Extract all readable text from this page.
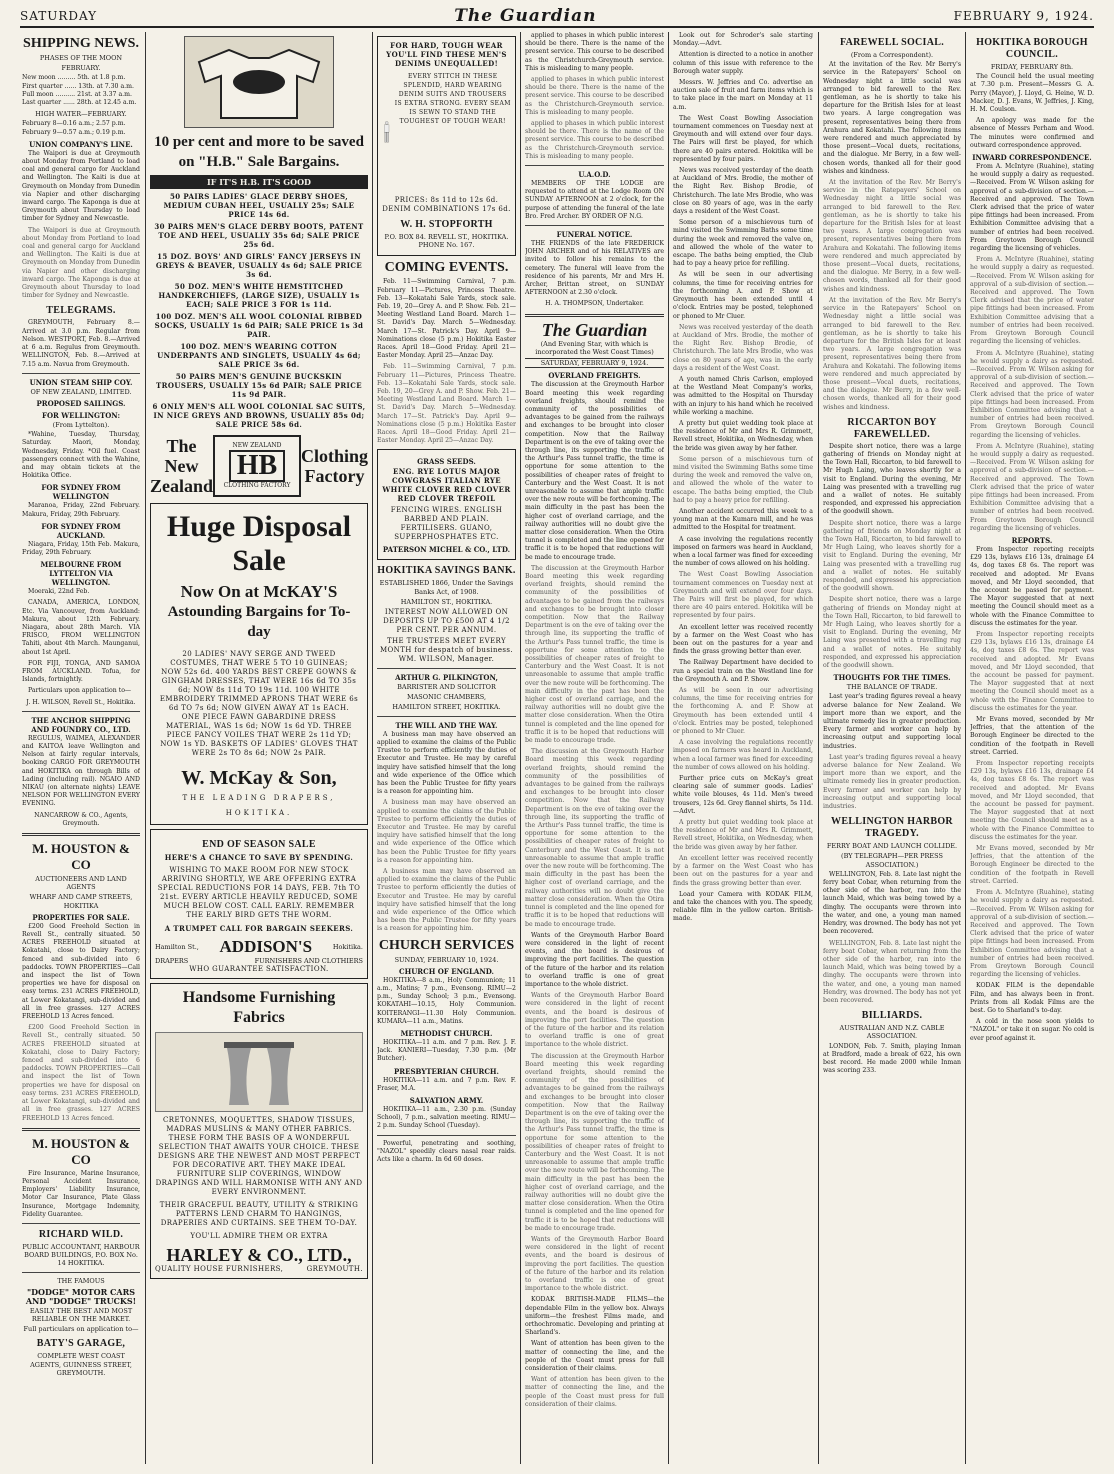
SATURDAY	The Guardian	FEBRUARY 9, 1924.
SHIPPING NEWS.
PHASES OF THE MOON
FEBRUARY.
New moon ......... 5th. at 1.8 p.m.
First quarter ...... 13th. at 7.30 a.m.
Full moon .......... 21st. at 3.37 a.m.
Last quarter ...... 28th. at 12.45 a.m.
HIGH WATER—FEBRUARY.
February 8—0.16 a.m.; 2.57 p.m.
February 9—0.57 a.m.; 0.19 p.m.
UNION COMPANY'S LINE.
The Waipori is due at Greymouth about Monday from Portland to load coal and general cargo for Auckland and Wellington. The Kaiti is due at Greymouth on Monday from Dunedin via Napier and other discharging inward cargo. The Kaponga is due at Greymouth about Thursday to load timber for Sydney and Newcastle.
The Waipori is due at Greymouth about Monday from Portland to load coal and general cargo for Auckland and Wellington. The Kaiti is due at Greymouth on Monday from Dunedin via Napier and other discharging inward cargo. The Kaponga is due at Greymouth about Thursday to load timber for Sydney and Newcastle.
TELEGRAMS.
GREYMOUTH, February 8.—Arrived at 3.0 p.m. Regular from Nelson. WESTPORT, Feb. 8.—Arrived at 6 a.m. Regulus from Greymouth. WELLINGTON, Feb. 8.—Arrived at 7.15 a.m. Navua from Greymouth.
UNION STEAM SHIP COY.
OF NEW ZEALAND, LIMITED.
PROPOSED SAILINGS.
FOR WELLINGTON:
(From Lyttelton).
*Wahine, Tuesday, Thursday, Saturday. Maori, Monday, Wednesday, Friday. *Oil fuel. Coast passengers connect with the Wahine, and may obtain tickets at the Hokitika Office.
FOR SYDNEY FROM WELLINGTON
Maranoa, Friday, 22nd February. Makura, Friday, 29th February.
FOR SYDNEY FROM AUCKLAND.
Niagara, Friday, 15th Feb. Makura, Friday, 29th February.
MELBOURNE FROM LYTTELTON VIA WELLINGTON.
Moeraki, 22nd Feb.
CANADA, AMERICA, LONDON, Etc. Via Vancouver, from Auckland: Makura, about 12th February. Niagara, about 28th March. VIA FRISCO, FROM WELLINGTON Tahiti, about 4th March. Maunganui, about 1st April.
FOR FIJI, TONGA, AND SAMOA FROM AUCKLAND. Tofua, for Islands, fortnightly.
Particulars upon application to—
J. H. WILSON, Revell St., Hokitika.
THE ANCHOR SHIPPING AND FOUNDRY CO., LTD.
REGULUS, WAIMEA, ALEXANDER and KAITOA leave Wellington and Nelson at fairly regular intervals, booking CARGO FOR GREYMOUTH and HOKITIKA on through Bills of Lading (including rail). NGAIO AND NIKAU (on alternate nights) LEAVE NELSON FOR WELLINGTON EVERY EVENING.
NANCARROW & CO., Agents, Greymouth.
M. HOUSTON & CO
AUCTIONEERS AND LAND AGENTS
WHARF AND CAMP STREETS, HOKITIKA
PROPERTIES FOR SALE.
£200 Good Freehold Section in Revell St., centrally situated. 50 ACRES FREEHOLD situated at Kokatahi, close to Dairy Factory; fenced and sub-divided into 6 paddocks. TOWN PROPERTIES—Call and inspect the list of Town properties we have for disposal on easy terms. 231 ACRES FREEHOLD, at Lower Kokatangi, sub-divided and all in free grasses. 127 ACRES FREEHOLD 13 Acres fenced.
£200 Good Freehold Section in Revell St., centrally situated. 50 ACRES FREEHOLD situated at Kokatahi, close to Dairy Factory; fenced and sub-divided into 6 paddocks. TOWN PROPERTIES—Call and inspect the list of Town properties we have for disposal on easy terms. 231 ACRES FREEHOLD, at Lower Kokatangi, sub-divided and all in free grasses. 127 ACRES FREEHOLD 13 Acres fenced.
M. HOUSTON & CO
Fire Insurance, Marine Insurance, Personal Accident Insurance, Employers' Liability Insurance, Motor Car Insurance, Plate Glass Insurance, Mortgage Indemnity, Fidelity Guarantee.
RICHARD WILD.
PUBLIC ACCOUNTANT, HARBOUR BOARD BUILDINGS, P.O. BOX No. 14 HOKITIKA.
THE FAMOUS
"DODGE" MOTOR CARS AND "DODGE" TRUCKS!
EASILY THE BEST AND MOST RELIABLE ON THE MARKET.
Full particulars on application to—
BATY'S GARAGE,
COMPLETE WEST COAST AGENTS, GUINNESS STREET, GREYMOUTH.
10 per cent and more to be saved on "H.B." Sale Bargains.
IF IT'S H.B. IT'S GOOD
50 PAIRS LADIES' GLACE DERBY SHOES, MEDIUM CUBAN HEEL, USUALLY 25s; SALE PRICE 14s 6d.
30 PAIRS MEN'S GLACE DERBY BOOTS, PATENT TOE AND HEEL, USUALLY 35s 6d; SALE PRICE 25s 6d.
15 DOZ. BOYS' AND GIRLS' FANCY JERSEYS IN GREYS & BEAVER, USUALLY 4s 6d; SALE PRICE 3s 6d.
50 DOZ. MEN'S WHITE HEMSTITCHED HANDKERCHIEFS, (LARGE SIZE), USUALLY 1s EACH; SALE PRICE 3 FOR 1s 11d.
100 DOZ. MEN'S ALL WOOL COLONIAL RIBBED SOCKS, USUALLY 1s 6d PAIR; SALE PRICE 1s 3d PAIR.
100 DOZ. MEN'S WEARING COTTON UNDERPANTS AND SINGLETS, USUALLY 4s 6d; SALE PRICE 3s 6d.
50 PAIRS MEN'S GENUINE BUCKSKIN TROUSERS, USUALLY 15s 6d PAIR; SALE PRICE 11s 9d PAIR.
6 ONLY MEN'S ALL WOOL COLONIAL SAC SUITS, IN NICE GREYS AND BROWNS, USUALLY 85s 0d; SALE PRICE 58s 6d.
The New
Zealand
NEW ZEALAND
HB
CLOTHING FACTORY
Clothing
Factory
Huge Disposal
Sale
Now On at McKAY'S
Astounding Bargains for To-day
20 LADIES' NAVY SERGE AND TWEED COSTUMES, THAT WERE 5 TO 10 GUINEAS; NOW 52s 6d. 400 YARDS BEST CREPE GOWNS & GINGHAM DRESSES, THAT WERE 16s 6d TO 35s 6d; NOW 8s 11d TO 19s 11d. 100 WHITE EMBROIDERY TRIMMED APRONS THAT WERE 6s 6d TO 7s 6d; NOW GIVEN AWAY AT 1s EACH. ONE PIECE FAWN GABARDINE DRESS MATERIAL, WAS 1s 6d; NOW 1s 6d YD. THREE PIECE FANCY VOILES THAT WERE 2s 11d YD; NOW 1s YD. BASKETS OF LADIES' GLOVES THAT WERE 2s TO 8s 6d; NOW 2s PAIR.
W. McKay & Son,
THE LEADING DRAPERS,
HOKITIKA.
END OF SEASON SALE
HERE'S A CHANCE TO SAVE BY SPENDING.
WISHING TO MAKE ROOM FOR NEW STOCK ARRIVING SHORTLY, WE ARE OFFERING EXTRA SPECIAL REDUCTIONS FOR 14 DAYS, FEB. 7th TO 21st. EVERY ARTICLE HEAVILY REDUCED, SOME MUCH BELOW COST. CALL EARLY. REMEMBER THE EARLY BIRD GETS THE WORM.
A TRUMPET CALL FOR BARGAIN SEEKERS.
Hamilton St., ADDISON'S	Hokitika.
DRAPERS	FURNISHERS AND CLOTHIERS
WHO GUARANTEE SATISFACTION.
Handsome Furnishing Fabrics
CRETONNES, MOQUETTES, SHADOW TISSUES, MADRAS MUSLINS & MANY OTHER FABRICS. THESE FORM THE BASIS OF A WONDERFUL SELECTION THAT AWAITS YOUR CHOICE. THESE DESIGNS ARE THE NEWEST AND MOST PERFECT FOR DECORATIVE ART. THEY MAKE IDEAL FURNITURE SLIP COVERINGS, WINDOW DRAPINGS AND WILL HARMONISE WITH ANY AND EVERY ENVIRONMENT.
THEIR GRACEFUL BEAUTY, UTILITY & STRIKING PATTERNS LEND CHARM TO HANGINGS, DRAPERIES AND CURTAINS. SEE THEM TO-DAY.
YOU'LL ADMIRE THEM OR EXTRA
HARLEY & CO., LTD.,
QUALITY HOUSE FURNISHERS,	GREYMOUTH.
FOR HARD, TOUGH WEAR YOU'LL FIND THESE MEN'S DENIMS UNEQUALLED!
EVERY STITCH IN THESE SPLENDID, HARD WEARING DENIM SUITS AND TROUSERS IS EXTRA STRONG. EVERY SEAM IS SEWN TO STAND THE TOUGHEST OF TOUGH WEAR!
PRICES: 8s 11d to 12s 6d. DENIM COMBINATIONS 17s 6d.
W. H. STOPFORTH
P.O. BOX 84. REVELL ST., HOKITIKA. PHONE No. 167.
COMING EVENTS.
Feb. 11—Swimming Carnival, 7 p.m. February 11—Pictures, Princess Theatre. Feb. 13—Kokatahi Sale Yards, stock sale. Feb. 19, 20—Grey A. and P. Show. Feb. 21—Meeting Westland Land Board. March 1—St. David's Day. March 5—Wednesday. March 17—St. Patrick's Day. April 9—Nominations close (5 p.m.) Hokitika Easter Races. April 18—Good Friday. April 21—Easter Monday. April 25—Anzac Day.
Feb. 11—Swimming Carnival, 7 p.m. February 11—Pictures, Princess Theatre. Feb. 13—Kokatahi Sale Yards, stock sale. Feb. 19, 20—Grey A. and P. Show. Feb. 21—Meeting Westland Land Board. March 1—St. David's Day. March 5—Wednesday. March 17—St. Patrick's Day. April 9—Nominations close (5 p.m.) Hokitika Easter Races. April 18—Good Friday. April 21—Easter Monday. April 25—Anzac Day.
GRASS SEEDS.
ENG. RYE LOTUS MAJOR COWGRASS ITALIAN RYE WHITE CLOVER RED CLOVER RED CLOVER TREFOIL
FENCING WIRES. ENGLISH BARBED AND PLAIN. FERTILISERS. GUANO, SUPERPHOSPHATES ETC.
PATERSON MICHEL & CO., LTD.
HOKITIKA SAVINGS BANK.
ESTABLISHED 1866, Under the Savings Banks Act, of 1908.
HAMILTON ST., HOKITIKA.
INTEREST NOW ALLOWED ON DEPOSITS UP TO £500 AT 4 1/2 PER CENT. PER ANNUM.
THE TRUSTEES MEET EVERY MONTH for despatch of business. WM. WILSON, Manager.
ARTHUR G. PILKINGTON,
BARRISTER AND SOLICITOR
MASONIC CHAMBERS,
HAMILTON STREET, HOKITIKA.
THE WILL AND THE WAY.
A business man may have observed an applied to examine the claims of the Public Trustee to perform efficiently the duties of Executor and Trustee. He may by careful inquiry have satisfied himself that the long and wide experience of the Office which has been the Public Trustee for fifty years is a reason for appointing him.
A business man may have observed an applied to examine the claims of the Public Trustee to perform efficiently the duties of Executor and Trustee. He may by careful inquiry have satisfied himself that the long and wide experience of the Office which has been the Public Trustee for fifty years is a reason for appointing him.
A business man may have observed an applied to examine the claims of the Public Trustee to perform efficiently the duties of Executor and Trustee. He may by careful inquiry have satisfied himself that the long and wide experience of the Office which has been the Public Trustee for fifty years is a reason for appointing him.
CHURCH SERVICES
SUNDAY, FEBRUARY 10, 1924.
CHURCH OF ENGLAND.
HOKITIKA—8 a.m., Holy Communion; 11 a.m., Matins; 7 p.m., Evensong. RIMU—2 p.m., Sunday School; 3 p.m., Evensong. KOKATAHI—10.15, Holy Communion. KOITERANGI—11.30 Holy Communion. KUMARA—11 a.m., Matins.
METHODIST CHURCH.
HOKITIKA—11 a.m. and 7 p.m. Rev. J. F. Jack. KANIERI—Tuesday, 7.30 p.m. (Mr Butcher).
PRESBYTERIAN CHURCH.
HOKITIKA—11 a.m. and 7 p.m. Rev. F. Fraser, M.A.
SALVATION ARMY.
HOKITIKA—11 a.m., 2.30 p.m. (Sunday School), 7 p.m., salvation meeting. RIMU—2 p.m. Sunday School (Tuesday).
Powerful, penetrating and soothing, "NAZOL" speedily clears nasal rear raids. Acts like a charm. In 6d 60 doses.
applied to phases in which public interest should be there. There is the name of the present service. This course to be described as the Christchurch-Greymouth service. This is misleading to many people.
applied to phases in which public interest should be there. There is the name of the present service. This course to be described as the Christchurch-Greymouth service. This is misleading to many people.
applied to phases in which public interest should be there. There is the name of the present service. This course to be described as the Christchurch-Greymouth service. This is misleading to many people.
U.A.O.D.
MEMBERS OF THE LODGE are requested to attend at the Lodge Room ON SUNDAY AFTERNOON at 2 o'clock, for the purpose of attending the funeral of the late Bro. Fred Archer. BY ORDER OF N.G.
FUNERAL NOTICE.
THE FRIENDS of the late FREDERICK JOHN ARCHER and of his RELATIVES are invited to follow his remains to the cemetery. The funeral will leave from the residence of his parents, Mr and Mrs H. Archer, Brittan street, on SUNDAY AFTERNOON at 2.30 o'clock.
H. A. THOMPSON, Undertaker.
The Guardian
(And Evening Star, with which is incorporated the West Coast Times)
SATURDAY, FEBRUARY 9, 1924.
OVERLAND FREIGHTS.
The discussion at the Greymouth Harbor Board meeting this week regarding overland freights, should remind the community of the possibilities of advantages to be gained from the railways and exchanges to be brought into closer competition. Now that the Railway Department is on the eve of taking over the through line, its supporting the traffic of the Arthur's Pass tunnel traffic, the time is opportune for some attention to the possibilities of cheaper rates of freight to Canterbury and the West Coast. It is not unreasonable to assume that ample traffic over the new route will be forthcoming. The main difficulty in the past has been the higher cost of overland carriage, and the railway authorities will no doubt give the matter close consideration. When the Otira tunnel is completed and the line opened for traffic it is to be hoped that reductions will be made to encourage trade.
The discussion at the Greymouth Harbor Board meeting this week regarding overland freights, should remind the community of the possibilities of advantages to be gained from the railways and exchanges to be brought into closer competition. Now that the Railway Department is on the eve of taking over the through line, its supporting the traffic of the Arthur's Pass tunnel traffic, the time is opportune for some attention to the possibilities of cheaper rates of freight to Canterbury and the West Coast. It is not unreasonable to assume that ample traffic over the new route will be forthcoming. The main difficulty in the past has been the higher cost of overland carriage, and the railway authorities will no doubt give the matter close consideration. When the Otira tunnel is completed and the line opened for traffic it is to be hoped that reductions will be made to encourage trade.
The discussion at the Greymouth Harbor Board meeting this week regarding overland freights, should remind the community of the possibilities of advantages to be gained from the railways and exchanges to be brought into closer competition. Now that the Railway Department is on the eve of taking over the through line, its supporting the traffic of the Arthur's Pass tunnel traffic, the time is opportune for some attention to the possibilities of cheaper rates of freight to Canterbury and the West Coast. It is not unreasonable to assume that ample traffic over the new route will be forthcoming. The main difficulty in the past has been the higher cost of overland carriage, and the railway authorities will no doubt give the matter close consideration. When the Otira tunnel is completed and the line opened for traffic it is to be hoped that reductions will be made to encourage trade.
Wants of the Greymouth Harbor Board were considered in the light of recent events, and the board is desirous of improving the port facilities. The question of the future of the harbor and its relation to overland traffic is one of great importance to the whole district.
Wants of the Greymouth Harbor Board were considered in the light of recent events, and the board is desirous of improving the port facilities. The question of the future of the harbor and its relation to overland traffic is one of great importance to the whole district.
The discussion at the Greymouth Harbor Board meeting this week regarding overland freights, should remind the community of the possibilities of advantages to be gained from the railways and exchanges to be brought into closer competition. Now that the Railway Department is on the eve of taking over the through line, its supporting the traffic of the Arthur's Pass tunnel traffic, the time is opportune for some attention to the possibilities of cheaper rates of freight to Canterbury and the West Coast. It is not unreasonable to assume that ample traffic over the new route will be forthcoming. The main difficulty in the past has been the higher cost of overland carriage, and the railway authorities will no doubt give the matter close consideration. When the Otira tunnel is completed and the line opened for traffic it is to be hoped that reductions will be made to encourage trade.
Wants of the Greymouth Harbor Board were considered in the light of recent events, and the board is desirous of improving the port facilities. The question of the future of the harbor and its relation to overland traffic is one of great importance to the whole district.
KODAK BRITISH-MADE FILMS—the dependable Film in the yellow box. Always uniform—the freshest Films made, and orthochromatic. Developing and printing at Sharland's.
Want of attention has been given to the matter of connecting the line, and the people of the Coast must press for full consideration of their claims.
Want of attention has been given to the matter of connecting the line, and the people of the Coast must press for full consideration of their claims.
Look out for Schroder's sale starting Monday.—Advt.
Attention is directed to a notice in another column of this issue with reference to the Borough water supply.
Messrs. W. Jeffries and Co. advertise an auction sale of fruit and farm items which is to take place in the mart on Monday at 11 a.m.
The West Coast Bowling Association tournament commences on Tuesday next at Greymouth and will extend over four days. The Pairs will first be played, for which there are 40 pairs entered. Hokitika will be represented by four pairs.
News was received yesterday of the death at Auckland of Mrs. Brodie, the mother of the Right Rev. Bishop Brodie, of Christchurch. The late Mrs Brodie, who was close on 80 years of age, was in the early days a resident of the West Coast.
Some person of a mischievous turn of mind visited the Swimming Baths some time during the week and removed the valve on, and allowed the whole of the water to escape. The baths being emptied, the Club had to pay a heavy price for refilling.
As will be seen in our advertising columns, the time for receiving entries for the forthcoming A. and P. Show at Greymouth has been extended until 4 o'clock. Entries may be posted, telephoned or phoned to Mr Cluer.
News was received yesterday of the death at Auckland of Mrs. Brodie, the mother of the Right Rev. Bishop Brodie, of Christchurch. The late Mrs Brodie, who was close on 80 years of age, was in the early days a resident of the West Coast.
A youth named Chris Carlson, employed at the Westland Meat Company's works, was admitted to the Hospital on Thursday with an injury to his hand which he received while working a machine.
A pretty but quiet wedding took place at the residence of Mr and Mrs R. Grimmett, Revell street, Hokitika, on Wednesday, when the bride was given away by her father.
Some person of a mischievous turn of mind visited the Swimming Baths some time during the week and removed the valve on, and allowed the whole of the water to escape. The baths being emptied, the Club had to pay a heavy price for refilling.
Another accident occurred this week to a young man at the Kumara mill, and he was admitted to the Hospital for treatment.
A case involving the regulations recently imposed on farmers was heard in Auckland, when a local farmer was fined for exceeding the number of cows allowed on his holding.
The West Coast Bowling Association tournament commences on Tuesday next at Greymouth and will extend over four days. The Pairs will first be played, for which there are 40 pairs entered. Hokitika will be represented by four pairs.
An excellent letter was received recently by a farmer on the West Coast who has been out on the pastures for a year and finds the grass growing better than ever.
The Railway Department have decided to run a special train on the Westland line for the Greymouth A. and P. Show.
As will be seen in our advertising columns, the time for receiving entries for the forthcoming A. and P. Show at Greymouth has been extended until 4 o'clock. Entries may be posted, telephoned or phoned to Mr Cluer.
A case involving the regulations recently imposed on farmers was heard in Auckland, when a local farmer was fined for exceeding the number of cows allowed on his holding.
Further price cuts on McKay's great clearing sale of summer goods. Ladies' white voile blouses, 4s 11d. Men's tweed trousers, 12s 6d. Grey flannel shirts, 5s 11d.—Advt.
A pretty but quiet wedding took place at the residence of Mr and Mrs R. Grimmett, Revell street, Hokitika, on Wednesday, when the bride was given away by her father.
An excellent letter was received recently by a farmer on the West Coast who has been out on the pastures for a year and finds the grass growing better than ever.
Load your Camera with KODAK FILM, and take the chances with you. The speedy, reliable film in the yellow carton. British-made.
FAREWELL SOCIAL.
(From a Correspondent).
At the invitation of the Rev. Mr Berry's service in the Ratepayers' School on Wednesday night a little social was arranged to bid farewell to the Rev. gentleman, as he is shortly to take his departure for the British Isles for at least two years. A large congregation was present, representatives being there from Arahura and Kokatahi. The following items were rendered and much appreciated by those present—Vocal duets, recitations, and the dialogue. Mr Berry, in a few well-chosen words, thanked all for their good wishes and kindness.
At the invitation of the Rev. Mr Berry's service in the Ratepayers' School on Wednesday night a little social was arranged to bid farewell to the Rev. gentleman, as he is shortly to take his departure for the British Isles for at least two years. A large congregation was present, representatives being there from Arahura and Kokatahi. The following items were rendered and much appreciated by those present—Vocal duets, recitations, and the dialogue. Mr Berry, in a few well-chosen words, thanked all for their good wishes and kindness.
At the invitation of the Rev. Mr Berry's service in the Ratepayers' School on Wednesday night a little social was arranged to bid farewell to the Rev. gentleman, as he is shortly to take his departure for the British Isles for at least two years. A large congregation was present, representatives being there from Arahura and Kokatahi. The following items were rendered and much appreciated by those present—Vocal duets, recitations, and the dialogue. Mr Berry, in a few well-chosen words, thanked all for their good wishes and kindness.
RICCARTON BOY FAREWELLED.
Despite short notice, there was a large gathering of friends on Monday night at the Town Hall, Riccarton, to bid farewell to Mr Hugh Laing, who leaves shortly for a visit to England. During the evening, Mr Laing was presented with a travelling rug and a wallet of notes. He suitably responded, and expressed his appreciation of the goodwill shown.
Despite short notice, there was a large gathering of friends on Monday night at the Town Hall, Riccarton, to bid farewell to Mr Hugh Laing, who leaves shortly for a visit to England. During the evening, Mr Laing was presented with a travelling rug and a wallet of notes. He suitably responded, and expressed his appreciation of the goodwill shown.
Despite short notice, there was a large gathering of friends on Monday night at the Town Hall, Riccarton, to bid farewell to Mr Hugh Laing, who leaves shortly for a visit to England. During the evening, Mr Laing was presented with a travelling rug and a wallet of notes. He suitably responded, and expressed his appreciation of the goodwill shown.
THOUGHTS FOR THE TIMES.
THE BALANCE OF TRADE.
Last year's trading figures reveal a heavy adverse balance for New Zealand. We import more than we export, and the ultimate remedy lies in greater production. Every farmer and worker can help by increasing output and supporting local industries.
Last year's trading figures reveal a heavy adverse balance for New Zealand. We import more than we export, and the ultimate remedy lies in greater production. Every farmer and worker can help by increasing output and supporting local industries.
WELLINGTON HARBOR TRAGEDY.
FERRY BOAT AND LAUNCH COLLIDE.
(BY TELEGRAPH—PER PRESS ASSOCIATION.)
WELLINGTON, Feb. 8. Late last night the ferry boat Cobar, when returning from the other side of the harbor, ran into the launch Maid, which was being towed by a dinghy. The occupants were thrown into the water, and one, a young man named Hendry, was drowned. The body has not yet been recovered.
WELLINGTON, Feb. 8. Late last night the ferry boat Cobar, when returning from the other side of the harbor, ran into the launch Maid, which was being towed by a dinghy. The occupants were thrown into the water, and one, a young man named Hendry, was drowned. The body has not yet been recovered.
BILLIARDS.
AUSTRALIAN AND N.Z. CABLE ASSOCIATION.
LONDON, Feb. 7. Smith, playing Inman at Bradford, made a break of 622, his own best record. He made 2000 while Inman was scoring 233.
HOKITIKA BOROUGH COUNCIL.
FRIDAY, FEBRUARY 8th.
The Council held the usual meeting at 7.30 p.m. Present—Messrs G. A. Perry (Mayor), J. Lloyd, G. Heine, W. D. Macker, D. J. Evans, W. Jeffries, J. King, H. M. Coulson.
An apology was made for the absence of Messrs Perham and Wood. The minutes were confirmed and outward correspondence approved.
INWARD CORRESPONDENCE.
From A. McIntyre (Ruahine), stating he would supply a dairy as requested.—Received. From W. Wilson asking for approval of a sub-division of section.—Received and approved. The Town Clerk advised that the price of water pipe fittings had been increased. From Exhibition Committee advising that a number of entries had been received. From Greytown Borough Council regarding the licensing of vehicles.
From A. McIntyre (Ruahine), stating he would supply a dairy as requested.—Received. From W. Wilson asking for approval of a sub-division of section.—Received and approved. The Town Clerk advised that the price of water pipe fittings had been increased. From Exhibition Committee advising that a number of entries had been received. From Greytown Borough Council regarding the licensing of vehicles.
From A. McIntyre (Ruahine), stating he would supply a dairy as requested.—Received. From W. Wilson asking for approval of a sub-division of section.—Received and approved. The Town Clerk advised that the price of water pipe fittings had been increased. From Exhibition Committee advising that a number of entries had been received. From Greytown Borough Council regarding the licensing of vehicles.
From A. McIntyre (Ruahine), stating he would supply a dairy as requested.—Received. From W. Wilson asking for approval of a sub-division of section.—Received and approved. The Town Clerk advised that the price of water pipe fittings had been increased. From Exhibition Committee advising that a number of entries had been received. From Greytown Borough Council regarding the licensing of vehicles.
REPORTS.
From Inspector reporting receipts £29 13s, bylaws £16 13s, drainage £4 4s, dog taxes £8 6s. The report was received and adopted. Mr Evans moved, and Mr Lloyd seconded, that the account be passed for payment. The Mayor suggested that at next meeting the Council should meet as a whole with the Finance Committee to discuss the estimates for the year.
From Inspector reporting receipts £29 13s, bylaws £16 13s, drainage £4 4s, dog taxes £8 6s. The report was received and adopted. Mr Evans moved, and Mr Lloyd seconded, that the account be passed for payment. The Mayor suggested that at next meeting the Council should meet as a whole with the Finance Committee to discuss the estimates for the year.
Mr Evans moved, seconded by Mr Jeffries, that the attention of the Borough Engineer be directed to the condition of the footpath in Revell street. Carried.
From Inspector reporting receipts £29 13s, bylaws £16 13s, drainage £4 4s, dog taxes £8 6s. The report was received and adopted. Mr Evans moved, and Mr Lloyd seconded, that the account be passed for payment. The Mayor suggested that at next meeting the Council should meet as a whole with the Finance Committee to discuss the estimates for the year.
Mr Evans moved, seconded by Mr Jeffries, that the attention of the Borough Engineer be directed to the condition of the footpath in Revell street. Carried.
From A. McIntyre (Ruahine), stating he would supply a dairy as requested.—Received. From W. Wilson asking for approval of a sub-division of section.—Received and approved. The Town Clerk advised that the price of water pipe fittings had been increased. From Exhibition Committee advising that a number of entries had been received. From Greytown Borough Council regarding the licensing of vehicles.
KODAK FILM is the dependable Film, and has always been in front. Prints from all Kodak Films are the best. Go to Sharland's to-day.
A cold in the nose soon yields to "NAZOL" or take it on sugar. No cold is ever proof against it.
